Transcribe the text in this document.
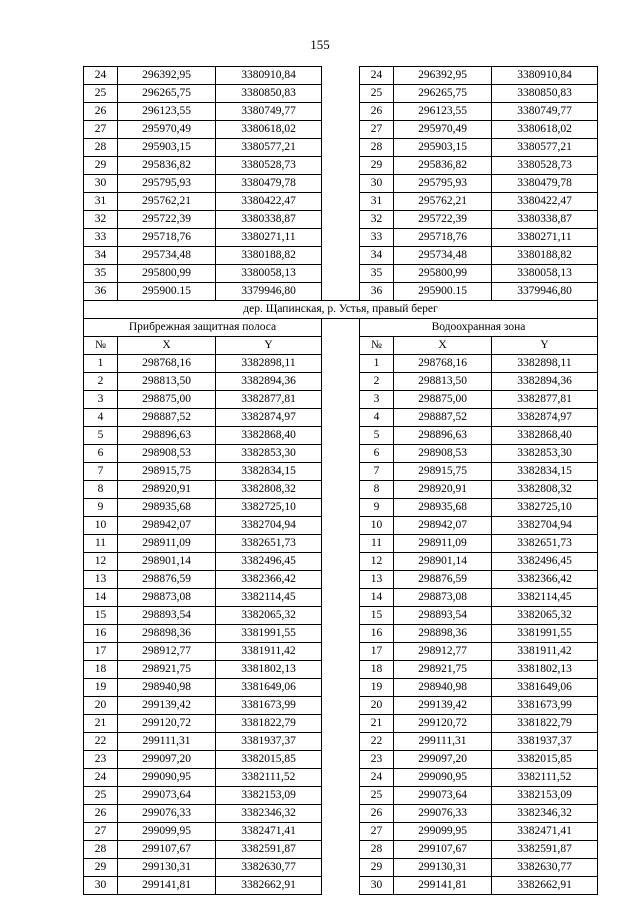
155
24	296392,95	3380910,84		24	296392,95	3380910,84
25	296265,75	3380850,83		25	296265,75	3380850,83
26	296123,55	3380749,77		26	296123,55	3380749,77
27	295970,49	3380618,02		27	295970,49	3380618,02
28	295903,15	3380577,21		28	295903,15	3380577,21
29	295836,82	3380528,73		29	295836,82	3380528,73
30	295795,93	3380479,78		30	295795,93	3380479,78
31	295762,21	3380422,47		31	295762,21	3380422,47
32	295722,39	3380338,87		32	295722,39	3380338,87
33	295718,76	3380271,11		33	295718,76	3380271,11
34	295734,48	3380188,82		34	295734,48	3380188,82
35	295800,99	3380058,13		35	295800,99	3380058,13
36	295900.15	3379946,80		36	295900.15	3379946,80
дер. Щапинская, р. Устья, правый берег						
Прибрежная защитная полоса				Водоохранная зона		
№	X	Y		№	X	Y
1	298768,16	3382898,11		1	298768,16	3382898,11
2	298813,50	3382894,36		2	298813,50	3382894,36
3	298875,00	3382877,81		3	298875,00	3382877,81
4	298887,52	3382874,97		4	298887,52	3382874,97
5	298896,63	3382868,40		5	298896,63	3382868,40
6	298908,53	3382853,30		6	298908,53	3382853,30
7	298915,75	3382834,15		7	298915,75	3382834,15
8	298920,91	3382808,32		8	298920,91	3382808,32
9	298935,68	3382725,10		9	298935,68	3382725,10
10	298942,07	3382704,94		10	298942,07	3382704,94
11	298911,09	3382651,73		11	298911,09	3382651,73
12	298901,14	3382496,45		12	298901,14	3382496,45
13	298876,59	3382366,42		13	298876,59	3382366,42
14	298873,08	3382114,45		14	298873,08	3382114,45
15	298893,54	3382065,32		15	298893,54	3382065,32
16	298898,36	3381991,55		16	298898,36	3381991,55
17	298912,77	3381911,42		17	298912,77	3381911,42
18	298921,75	3381802,13		18	298921,75	3381802,13
19	298940,98	3381649,06		19	298940,98	3381649,06
20	299139,42	3381673,99		20	299139,42	3381673,99
21	299120,72	3381822,79		21	299120,72	3381822,79
22	299111,31	3381937,37		22	299111,31	3381937,37
23	299097,20	3382015,85		23	299097,20	3382015,85
24	299090,95	3382111,52		24	299090,95	3382111,52
25	299073,64	3382153,09		25	299073,64	3382153,09
26	299076,33	3382346,32		26	299076,33	3382346,32
27	299099,95	3382471,41		27	299099,95	3382471,41
28	299107,67	3382591,87		28	299107,67	3382591,87
29	299130,31	3382630,77		29	299130,31	3382630,77
30	299141,81	3382662,91		30	299141,81	3382662,91
